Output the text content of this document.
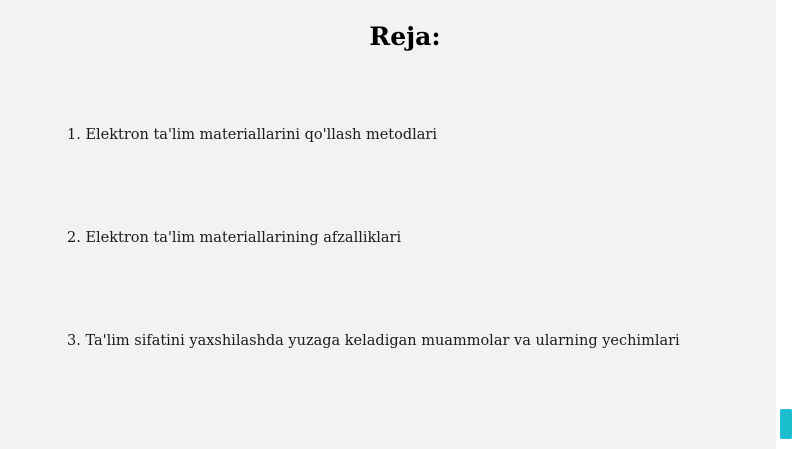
Reja:
1. Elektron ta'lim materiallarini qo'llash metodlari
2. Elektron ta'lim materiallarining afzalliklari
3. Ta'lim sifatini yaxshilashda yuzaga keladigan muammolar va ularning yechimlari
